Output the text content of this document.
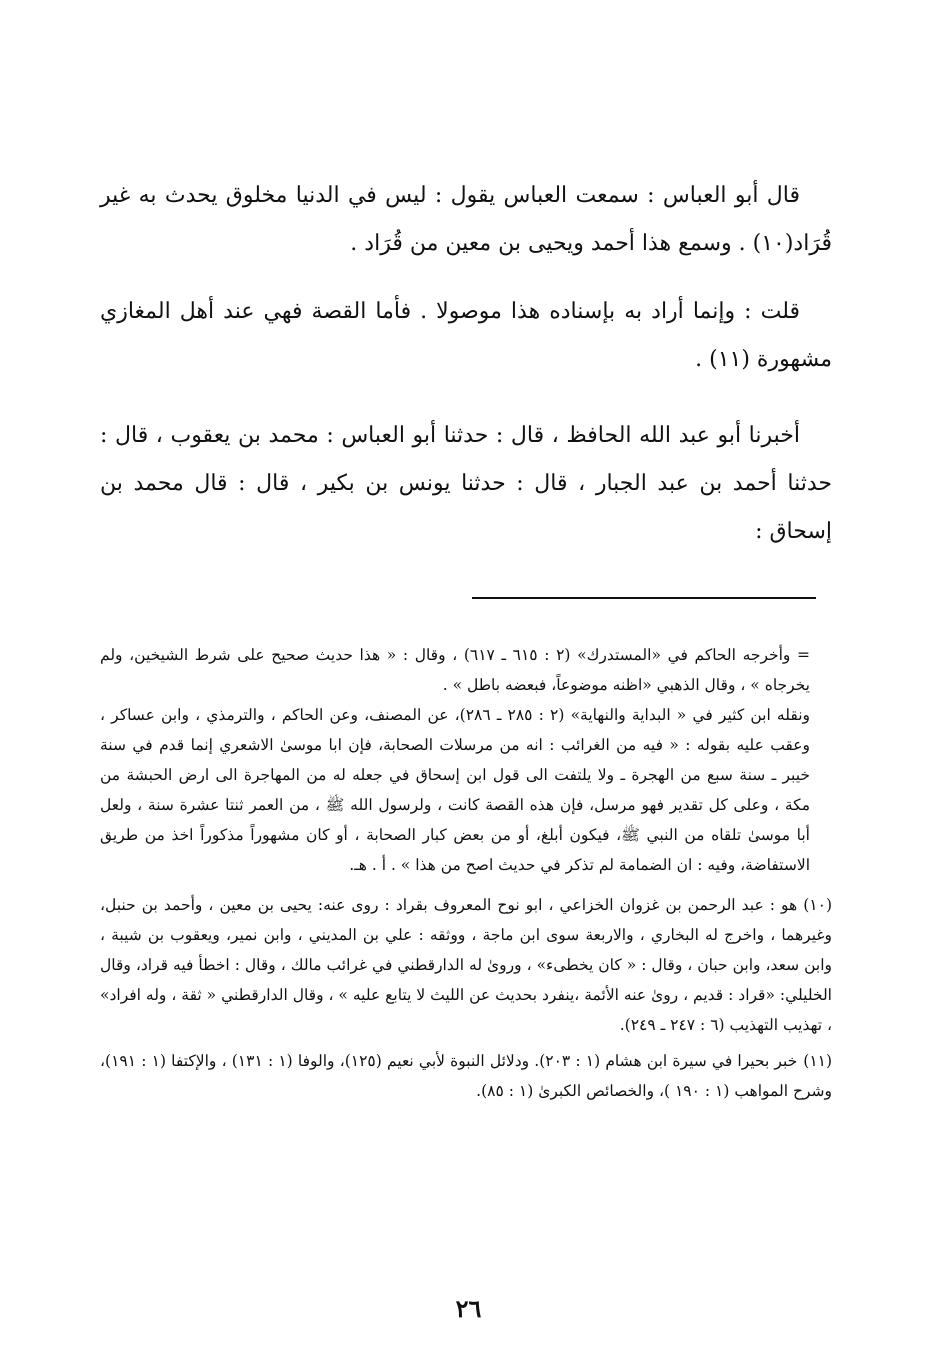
قال أبو العباس : سمعت العباس يقول : ليس في الدنيا مخلوق يحدث به غير قُرَاد(١٠) . وسمع هذا أحمد ويحيى بن معين من قُرَاد .

قلت : وإنما أراد به بإسناده هذا موصولا . فأما القصة فهي عند أهل المغازي مشهورة (١١) .

أخبرنا أبو عبد الله الحافظ ، قال : حدثنا أبو العباس : محمد بن يعقوب ، قال : حدثنا أحمد بن عبد الجبار ، قال : حدثنا يونس بن بكير ، قال : قال محمد بن إسحاق :

= وأخرجه الحاكم في «المستدرك» (٢ : ٦١٥ ـ ٦١٧) ، وقال : « هذا حديث صحيح على شرط الشيخين، ولم يخرجاه » ، وقال الذهبي «اظنه موضوعاً، فبعضه باطل » .

ونقله ابن كثير في « البداية والنهاية» (٢ : ٢٨٥ ـ ٢٨٦)، عن المصنف، وعن الحاكم ، والترمذي ، وابن عساكر ، وعقب عليه بقوله : « فيه من الغرائب : انه من مرسلات الصحابة، فإن ابا موسىٰ الاشعري إنما قدم في سنة خيبر ـ سنة سبع من الهجرة ـ ولا يلتفت الى قول ابن إسحاق في جعله له من المهاجرة الى ارض الحبشة من مكة ، وعلى كل تقدير فهو مرسل، فإن هذه القصة كانت ، ولرسول الله ﷺ ، من العمر ثنتا عشرة سنة ، ولعل أبا موسىٰ تلقاه من النبي ﷺ، فيكون أبلغ، أو من بعض كبار الصحابة ، أو كان مشهوراً مذكوراً اخذ من طريق الاستفاضة، وفيه : ان الضمامة لم تذكر في حديث اصح من هذا » . أ . هـ.

(١٠)هو : عبد الرحمن بن غزوان الخزاعي ، ابو نوح المعروف بقراد : روى عنه: يحيى بن معين ، وأحمد بن حنبل، وغيرهما ، واخرج له البخاري ، والاربعة سوى ابن ماجة ، ووثقه : علي بن المديني ، وابن نمير، ويعقوب بن شيبة ، وابن سعد، وابن حبان ، وقال : « كان يخطىء» ، وروىٰ له الدارقطني في غرائب مالك ، وقال : اخطأ فيه قراد، وقال الخليلي: «قراد : قديم ، روىٰ عنه الأئمة ،ينفرد بحديث عن الليث لا يتابع عليه » ، وقال الدارقطني « ثقة ، وله افراد» ، تهذيب التهذيب (٦ : ٢٤٧ ـ ٢٤٩).

(١١)خبر بحيرا في سيرة ابن هشام (١ : ٢٠٣). ودلائل النبوة لأبي نعيم (١٢٥)، والوفا (١ : ١٣١) ، والإكتفا (١ : ١٩١)، وشرح المواهب (١ : ١٩٠ )، والخصائص الكبرىٰ (١ : ٨٥).

٢٦
